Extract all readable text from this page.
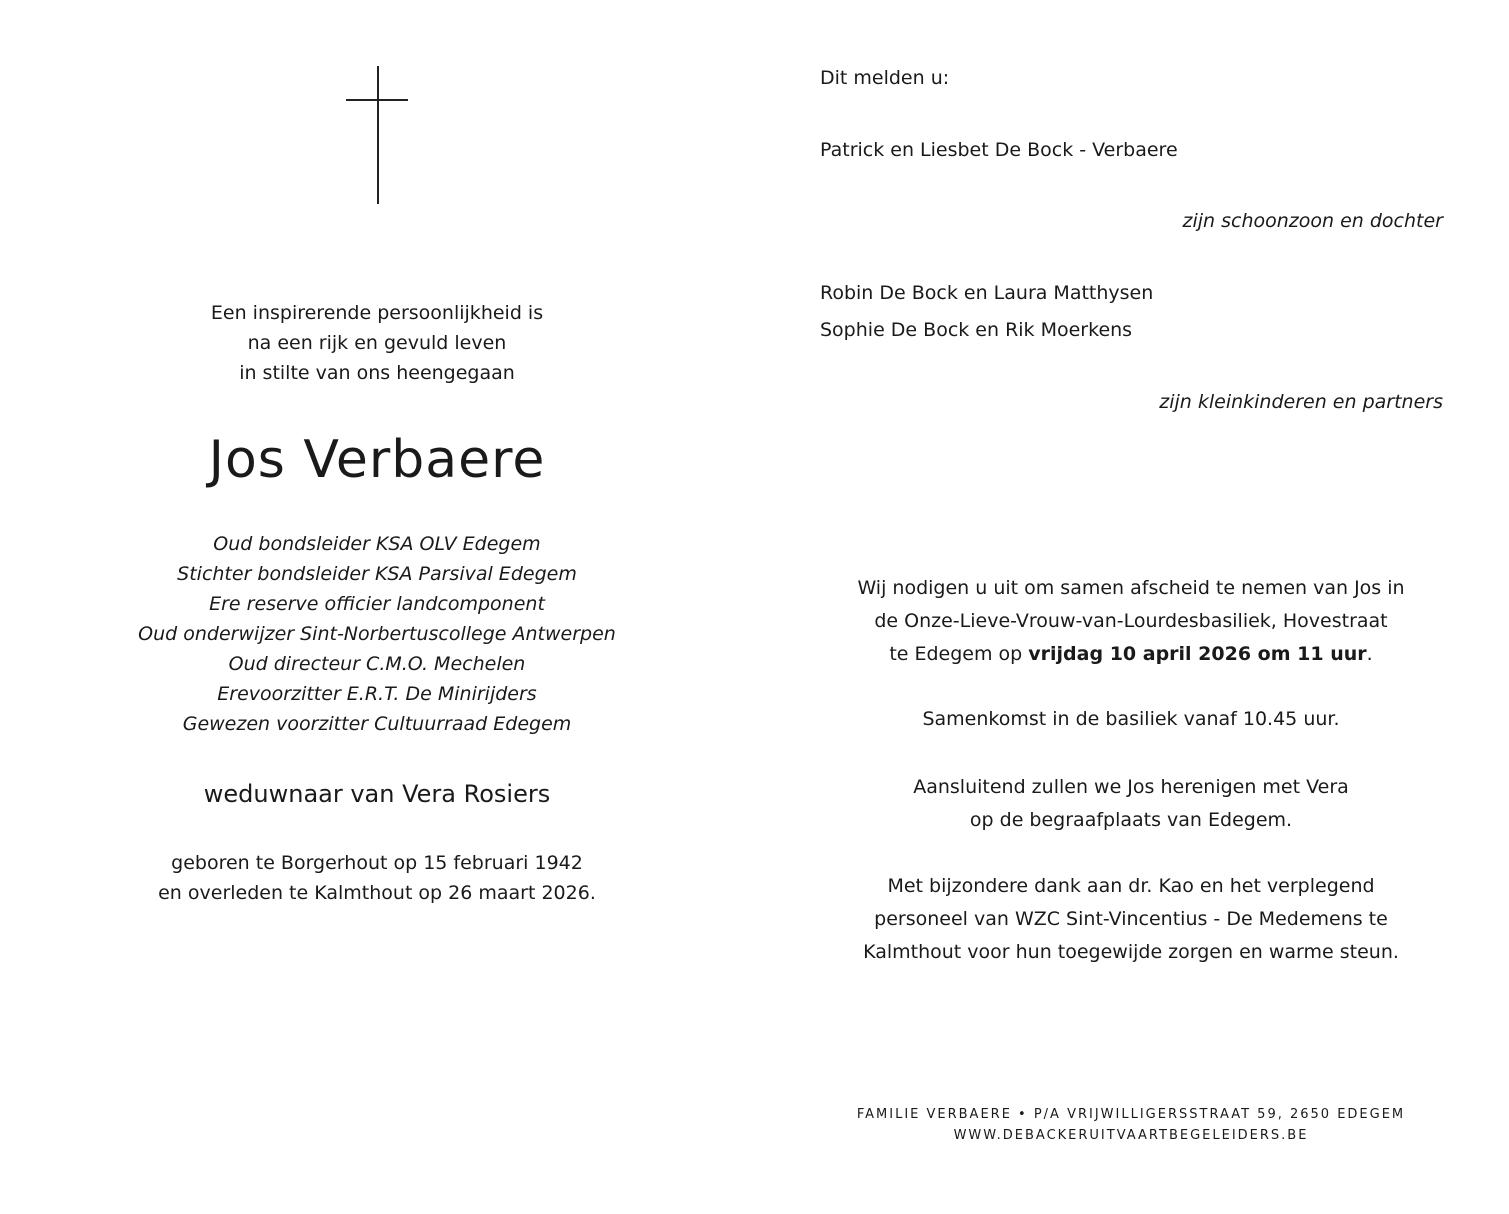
Een inspirerende persoonlijkheid is

na een rijk en gevuld leven

in stilte van ons heengegaan

Jos Verbaere

Oud bondsleider KSA OLV Edegem

Stichter bondsleider KSA Parsival Edegem

Ere reserve officier landcomponent

Oud onderwijzer Sint-Norbertuscollege Antwerpen

Oud directeur C.M.O. Mechelen

Erevoorzitter E.R.T. De Minirijders

Gewezen voorzitter Cultuurraad Edegem

weduwnaar van Vera Rosiers

geboren te Borgerhout op 15 februari 1942

en overleden te Kalmthout op 26 maart 2026.

Dit melden u:

Patrick en Liesbet De Bock - Verbaere

zijn schoonzoon en dochter

Robin De Bock en Laura Matthysen

Sophie De Bock en Rik Moerkens

zijn kleinkinderen en partners

Wij nodigen u uit om samen afscheid te nemen van Jos in

de Onze-Lieve-Vrouw-van-Lourdesbasiliek, Hovestraat

te Edegem op vrijdag 10 april 2026 om 11 uur.

Samenkomst in de basiliek vanaf 10.45 uur.

Aansluitend zullen we Jos herenigen met Vera

op de begraafplaats van Edegem.

Met bijzondere dank aan dr. Kao en het verplegend

personeel van WZC Sint-Vincentius - De Medemens te

Kalmthout voor hun toegewijde zorgen en warme steun.

FAMILIE VERBAERE • P/A VRIJWILLIGERSSTRAAT 59, 2650 EDEGEM

WWW.DEBACKERUITVAARTBEGELEIDERS.BE
